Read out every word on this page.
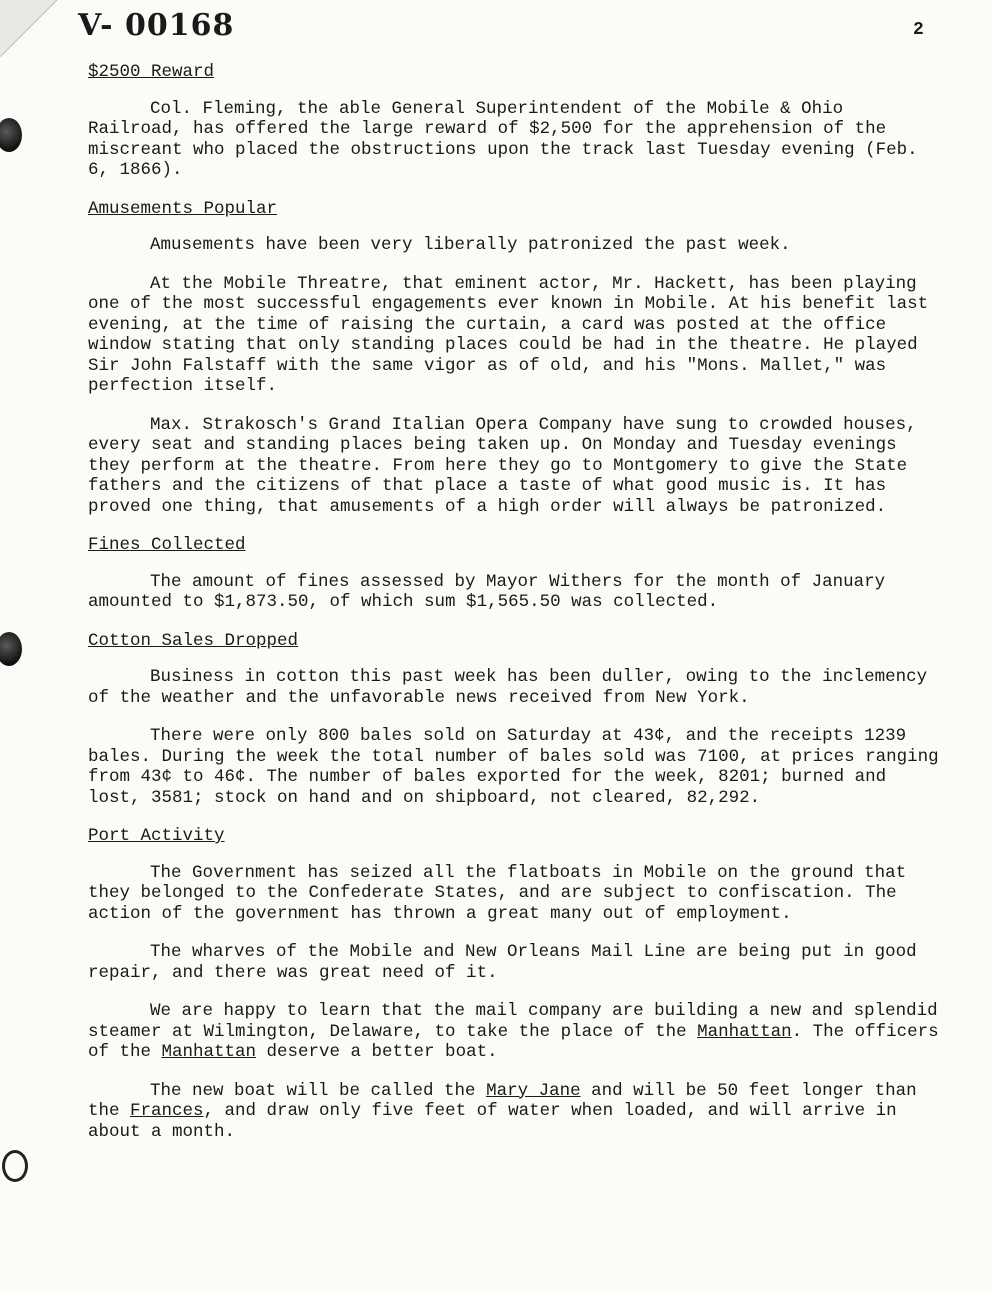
V- 00168	2
$2500 Reward

Col. Fleming, the able General Superintendent of the Mobile & Ohio Railroad, has offered the large reward of $2,500 for the apprehension of the miscreant who placed the obstructions upon the track last Tuesday evening (Feb. 6, 1866).

Amusements Popular

Amusements have been very liberally patronized the past week.

At the Mobile Threatre, that eminent actor, Mr. Hackett, has been playing one of the most successful engagements ever known in Mobile. At his benefit last evening, at the time of raising the curtain, a card was posted at the office window stating that only standing places could be had in the theatre. He played Sir John Falstaff with the same vigor as of old, and his "Mons. Mallet," was perfection itself.

Max. Strakosch's Grand Italian Opera Company have sung to crowded houses, every seat and standing places being taken up. On Monday and Tuesday evenings they perform at the theatre. From here they go to Montgomery to give the State fathers and the citizens of that place a taste of what good music is. It has proved one thing, that amusements of a high order will always be patronized.

Fines Collected

The amount of fines assessed by Mayor Withers for the month of January amounted to $1,873.50, of which sum $1,565.50 was collected.

Cotton Sales Dropped

Business in cotton this past week has been duller, owing to the inclemency of the weather and the unfavorable news received from New York.

There were only 800 bales sold on Saturday at 43¢, and the receipts 1239 bales. During the week the total number of bales sold was 7100, at prices ranging from 43¢ to 46¢. The number of bales exported for the week, 8201; burned and lost, 3581; stock on hand and on shipboard, not cleared, 82,292.

Port Activity

The Government has seized all the flatboats in Mobile on the ground that they belonged to the Confederate States, and are subject to confiscation. The action of the government has thrown a great many out of employment.

The wharves of the Mobile and New Orleans Mail Line are being put in good repair, and there was great need of it.

We are happy to learn that the mail company are building a new and splendid steamer at Wilmington, Delaware, to take the place of the Manhattan. The officers of the Manhattan deserve a better boat.

The new boat will be called the Mary Jane and will be 50 feet longer than the Frances, and draw only five feet of water when loaded, and will arrive in about a month.
